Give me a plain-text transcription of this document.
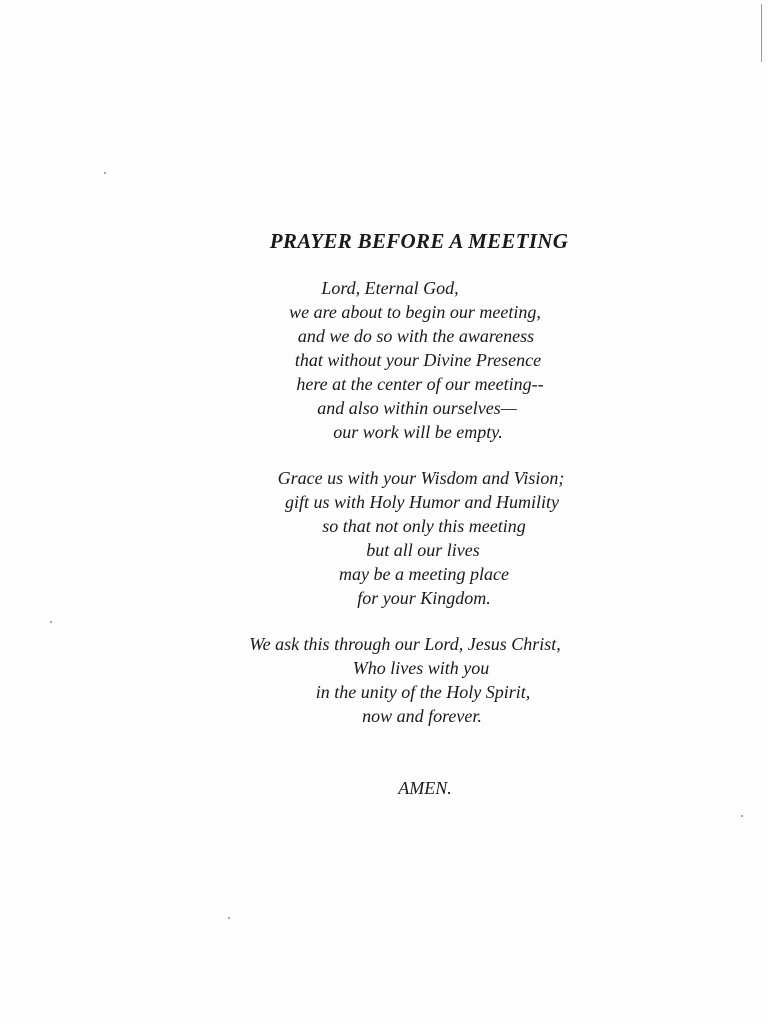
PRAYER BEFORE A MEETING
Lord, Eternal God,
we are about to begin our meeting,
and we do so with the awareness
that without your Divine Presence
here at the center of our meeting--
and also within ourselves—
our work will be empty.
Grace us with your Wisdom and Vision;
gift us with Holy Humor and Humility
so that not only this meeting
but all our lives
may be a meeting place
for your Kingdom.
We ask this through our Lord, Jesus Christ,
Who lives with you
in the unity of the Holy Spirit,
now and forever.
AMEN.
